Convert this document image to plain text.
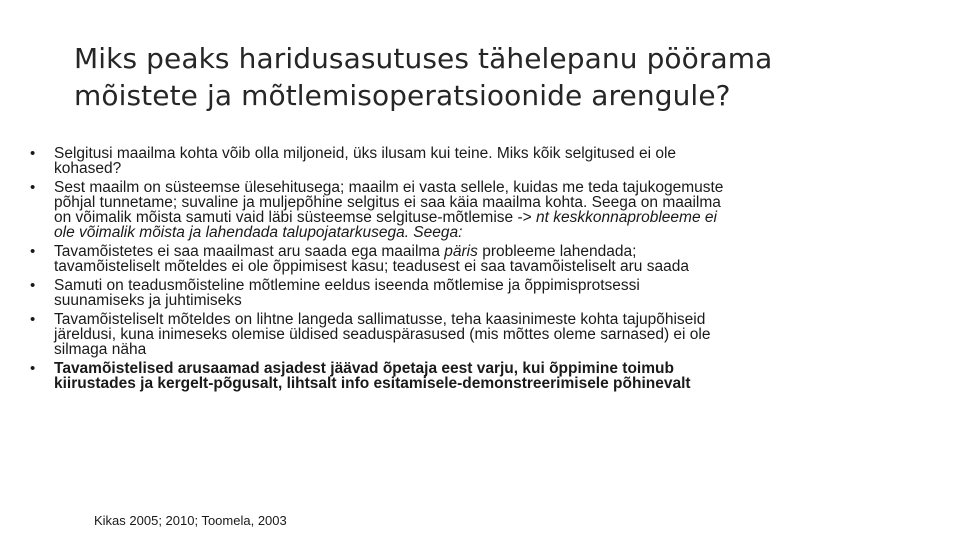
Miks peaks haridusasutuses tähelepanu pöörama
mõistete ja mõtlemisoperatsioonide arengule?
•	Selgitusi maailma kohta võib olla miljoneid, üks ilusam kui teine. Miks kõik selgitused ei ole
kohased?
•	Sest maailm on süsteemse ülesehitusega; maailm ei vasta sellele, kuidas me teda tajukogemuste
põhjal tunnetame; suvaline ja muljepõhine selgitus ei saa käia maailma kohta. Seega on maailma
on võimalik mõista samuti vaid läbi süsteemse selgituse-mõtlemise -> nt keskkonnaprobleeme ei
ole võimalik mõista ja lahendada talupojatarkusega. Seega:
•	Tavamõistetes ei saa maailmast aru saada ega maailma päris probleeme lahendada;
tavamõisteliselt mõteldes ei ole õppimisest kasu; teadusest ei saa tavamõisteliselt aru saada
•	Samuti on teadusmõisteline mõtlemine eeldus iseenda mõtlemise ja õppimisprotsessi
suunamiseks ja juhtimiseks
•	Tavamõisteliselt mõteldes on lihtne langeda sallimatusse, teha kaasinimeste kohta tajupõhiseid
järeldusi, kuna inimeseks olemise üldised seaduspärasused (mis mõttes oleme sarnased) ei ole
silmaga näha
•	Tavamõistelised arusaamad asjadest jäävad õpetaja eest varju, kui õppimine toimub
kiirustades ja kergelt-põgusalt, lihtsalt info esitamisele-demonstreerimisele põhinevalt

Kikas 2005; 2010; Toomela, 2003
